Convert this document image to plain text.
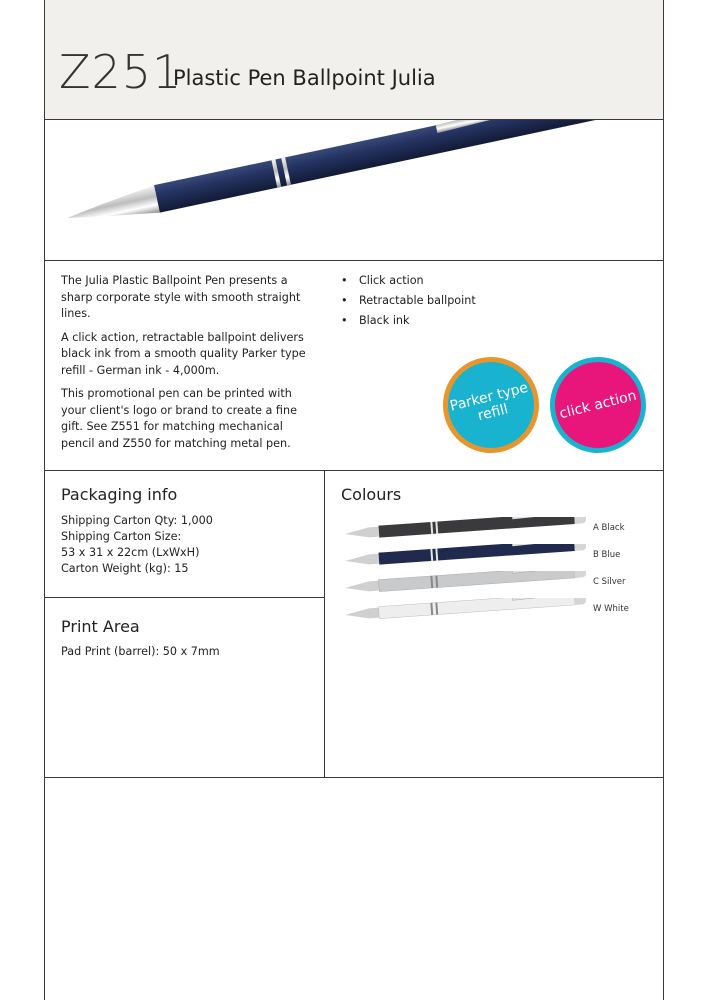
Z251
Plastic Pen Ballpoint Julia

The Julia Plastic Ballpoint Pen presents a sharp corporate style with smooth straight lines.

A click action, retractable ballpoint delivers black ink from a smooth quality Parker type refill - German ink - 4,000m.

This promotional pen can be printed with your client's logo or brand to create a fine gift. See Z551 for matching mechanical pencil and Z550 for matching metal pen.

• Click action
• Retractable ballpoint
• Black ink
Parker type refill	click action
Packaging info
Shipping Carton Qty: 1,000
Shipping Carton Size:
53 x 31 x 22cm (LxWxH)
Carton Weight (kg): 15
Print Area
Pad Print (barrel): 50 x 7mm
Colours
A Black
B Blue
C Silver
W White
